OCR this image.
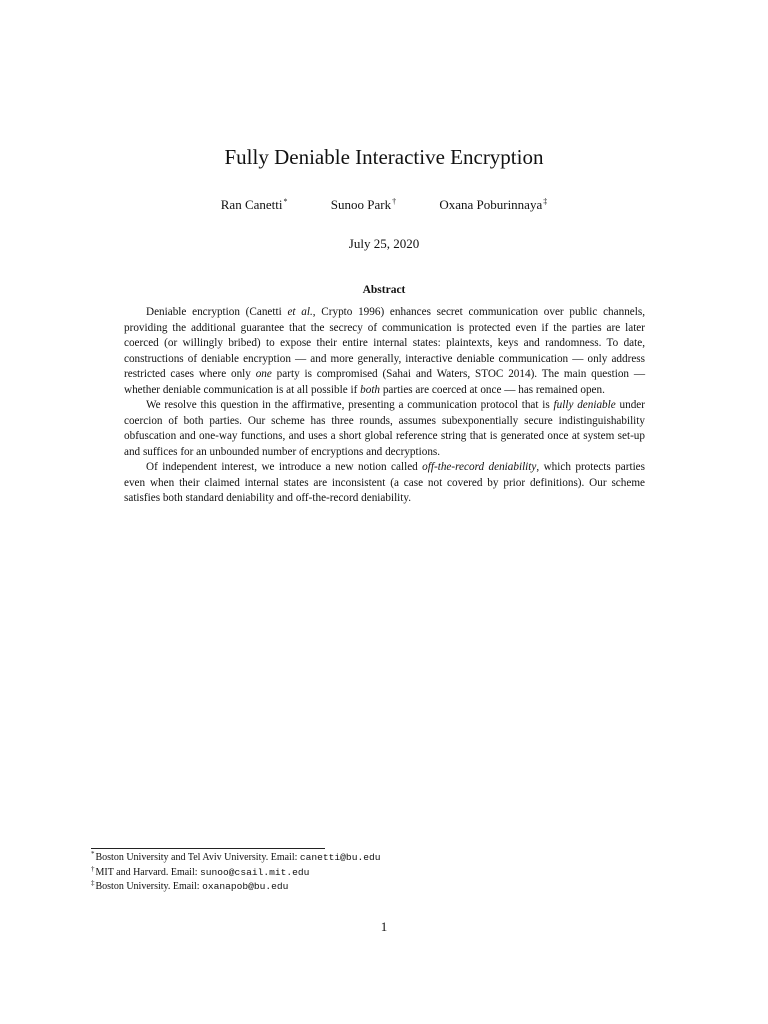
Fully Deniable Interactive Encryption
Ran Canetti*	Sunoo Park†	Oxana Poburinnaya‡
July 25, 2020
Abstract

Deniable encryption (Canetti et al., Crypto 1996) enhances secret communication over public channels, providing the additional guarantee that the secrecy of communication is protected even if the parties are later coerced (or willingly bribed) to expose their entire internal states: plaintexts, keys and randomness. To date, constructions of deniable encryption — and more generally, interactive deniable communication — only address restricted cases where only one party is compromised (Sahai and Waters, STOC 2014). The main question — whether deniable communication is at all possible if both parties are coerced at once — has remained open.

We resolve this question in the affirmative, presenting a communication protocol that is fully deniable under coercion of both parties. Our scheme has three rounds, assumes subexponentially secure indistinguishability obfuscation and one-way functions, and uses a short global reference string that is generated once at system set-up and suffices for an unbounded number of encryptions and decryptions.

Of independent interest, we introduce a new notion called off-the-record deniability, which protects parties even when their claimed internal states are inconsistent (a case not covered by prior definitions). Our scheme satisfies both standard deniability and off-the-record deniability.

*Boston University and Tel Aviv University. Email: canetti@bu.edu
†MIT and Harvard. Email: sunoo@csail.mit.edu
‡Boston University. Email: oxanapob@bu.edu
1
